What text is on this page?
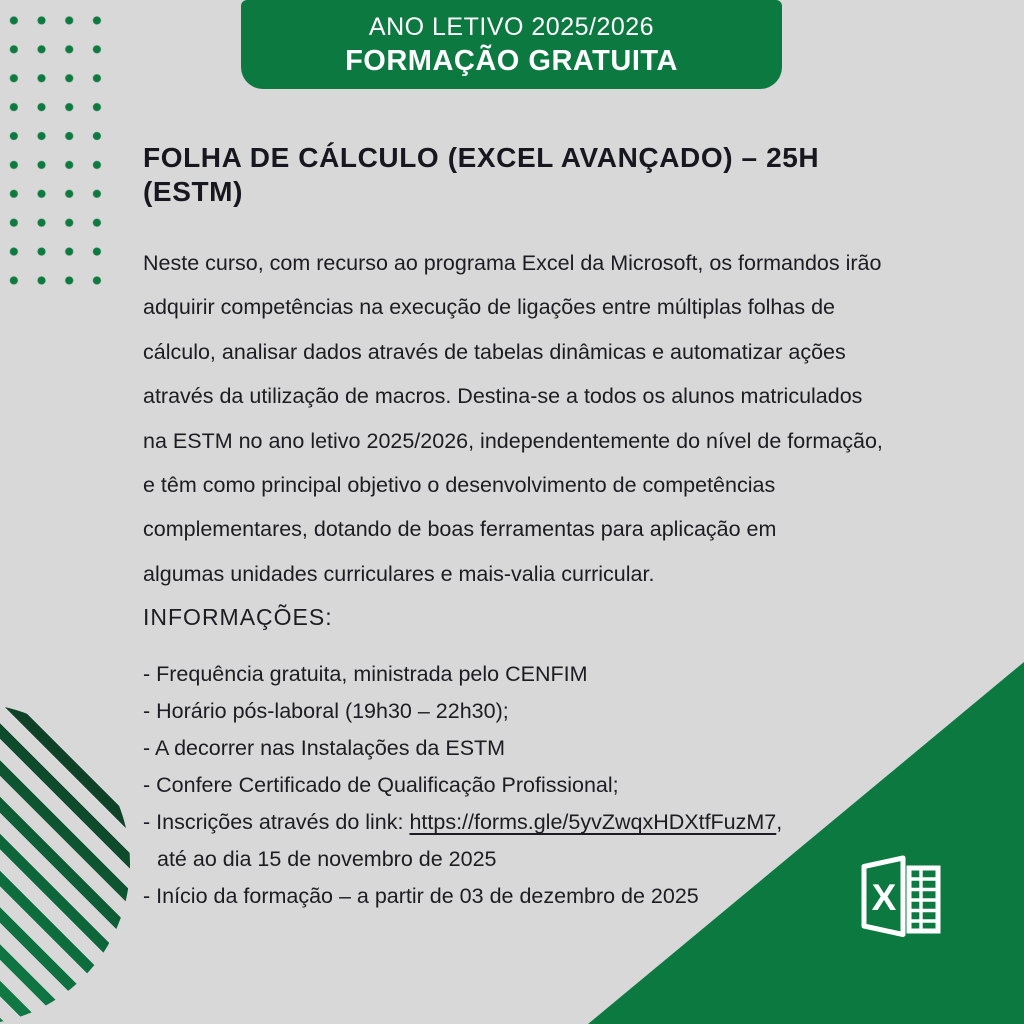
ANO LETIVO 2025/2026
FORMAÇÃO GRATUITA
FOLHA DE CÁLCULO (EXCEL AVANÇADO) – 25H (ESTM)
Neste curso, com recurso ao programa Excel da Microsoft, os formandos irão
adquirir competências na execução de ligações entre múltiplas folhas de
cálculo, analisar dados através de tabelas dinâmicas e automatizar ações
através da utilização de macros. Destina-se a todos os alunos matriculados
na ESTM no ano letivo 2025/2026, independentemente do nível de formação,
e têm como principal objetivo o desenvolvimento de competências
complementares, dotando de boas ferramentas para aplicação em
algumas unidades curriculares e mais-valia curricular.
INFORMAÇÕES:
- Frequência gratuita, ministrada pelo CENFIM
- Horário pós-laboral (19h30 – 22h30);
- A decorrer nas Instalações da ESTM
- Confere Certificado de Qualificação Profissional;
- Inscrições através do link: https://forms.gle/5yvZwqxHDXtfFuzM7,
até ao dia 15 de novembro de 2025
- Início da formação – a partir de 03 de dezembro de 2025	X
